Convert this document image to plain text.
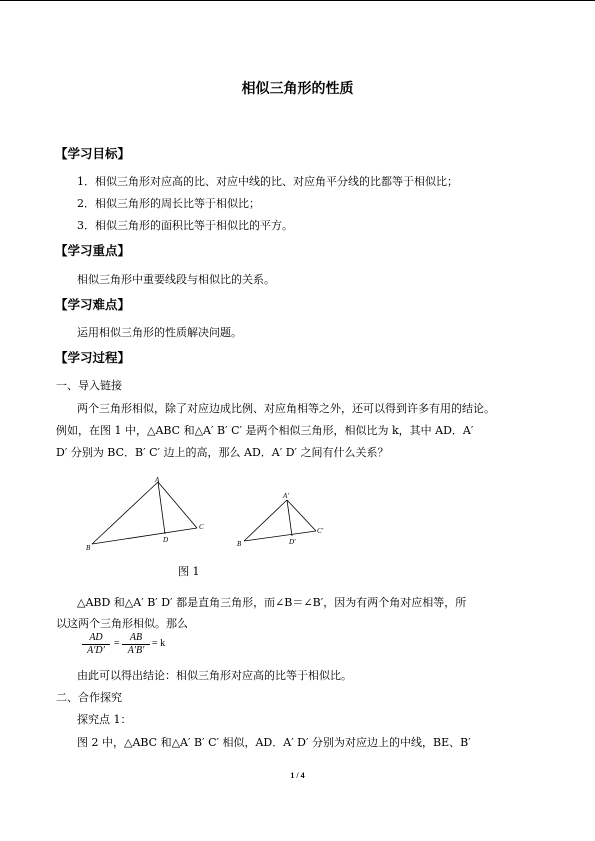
相似三角形的性质
【学习目标】
1．相似三角形对应高的比、对应中线的比、对应角平分线的比都等于相似比；
2．相似三角形的周长比等于相似比；
3．相似三角形的面积比等于相似比的平方。
【学习重点】
相似三角形中重要线段与相似比的关系。
【学习难点】
运用相似三角形的性质解决问题。
【学习过程】
一、导入链接
两个三角形相似，除了对应边成比例、对应角相等之外，还可以得到许多有用的结论。
例如，在图 1 中，△ABC 和△A′ B′ C′ 是两个相似三角形，相似比为 k，其中 AD．A′
D′ 分别为 BC．B′ C′ 边上的高，那么 AD．A′ D′ 之间有什么关系？
A
B
C
D
A′
B
C′
D′
图 1
△ABD 和△A′ B′ D′ 都是直角三角形，而∠B＝∠B′，因为有两个角对应相等，所
以这两个三角形相似。那么
$\frac{AD}{A'D'} = \frac{AB}{A'B'} = k$
由此可以得出结论：相似三角形对应高的比等于相似比。
二、合作探究
探究点 1：
图 2 中，△ABC 和△A′ B′ C′ 相似，AD．A′ D′ 分别为对应边上的中线，BE、B′
1 / 4
